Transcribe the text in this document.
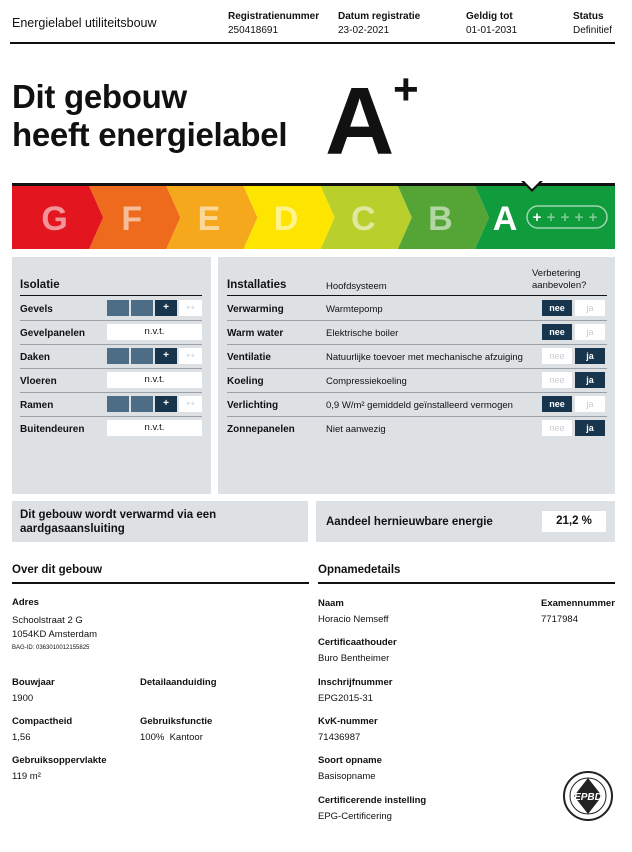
Energielabel utiliteitsbouw	Registratienummer
250418691
Datum registratie
23-02-2021
Geldig tot
01-01-2031
Status
Definitief
Dit gebouw
heeft energielabel A +
G F E D C B A + + + + +
Isolatie
Gevels	+	++
Gevelpanelen	n.v.t.
Daken	+	++
Vloeren	n.v.t.
Ramen	+	++
Buitendeuren	n.v.t.
Installaties	Hoofdsysteem
Verbetering aanbevolen?
Verwarming	Warmtepomp	nee	ja
Warm water	Elektrische boiler	nee	ja
Ventilatie	Natuurlijke toevoer met mechanische afzuiging	nee	ja
Koeling	Compressiekoeling	nee	ja
Verlichting	0,9 W/m² gemiddeld geïnstalleerd vermogen	nee	ja
Zonnepanelen	Niet aanwezig	nee	ja
Dit gebouw wordt verwarmd via een
aardgasaansluiting
Aandeel hernieuwbare energie	21,2 %
Over dit gebouw
Adres
Schoolstraat 2 G
1054KD Amsterdam
BAG-ID: 0363010012155825
Bouwjaar
1900
Detailaanduiding
Compactheid
1,56
Gebruiksfunctie
100% Kantoor
Gebruiksoppervlakte
119 m²
Opnamedetails
Naam
Horacio Nemseff
Examennummer
7717984
Certificaathouder
Buro Bentheimer
Inschrijfnummer
EPG2015-31
KvK-nummer
71436987
Soort opname
Basisopname
Certificerende instelling
EPG-Certificering
EPBD
